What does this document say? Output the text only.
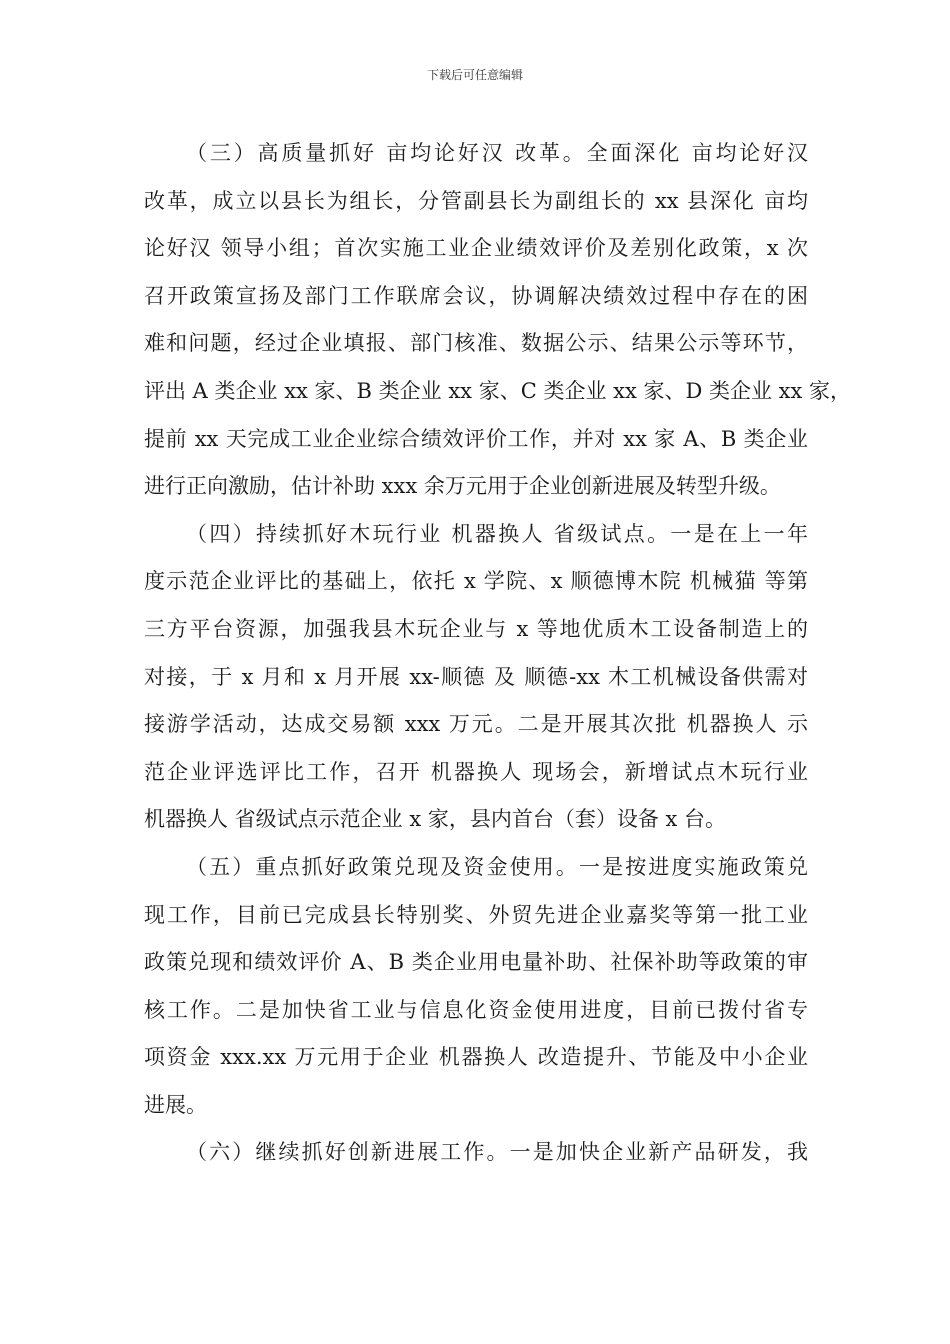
下载后可任意编辑
（三）高质量抓好 亩均论好汉 改革。全面深化 亩均论好汉
改革，成立以县长为组长，分管副县长为副组长的 xx 县深化 亩均
论好汉 领导小组；首次实施工业企业绩效评价及差别化政策，x 次
召开政策宣扬及部门工作联席会议，协调解决绩效过程中存在的困
难和问题，经过企业填报、部门核准、数据公示、结果公示等环节，
评出 A 类企业 xx 家、B 类企业 xx 家、C 类企业 xx 家、D 类企业 xx 家，
提前 xx 天完成工业企业综合绩效评价工作，并对 xx 家 A、B 类企业
进行正向激励，估计补助 xxx 余万元用于企业创新进展及转型升级。
（四）持续抓好木玩行业 机器换人 省级试点。一是在上一年
度示范企业评比的基础上，依托 x 学院、x 顺德博木院 机械猫 等第
三方平台资源，加强我县木玩企业与 x 等地优质木工设备制造上的
对接，于 x 月和 x 月开展 xx-顺德 及 顺德-xx 木工机械设备供需对
接游学活动，达成交易额 xxx 万元。二是开展其次批 机器换人 示
范企业评选评比工作，召开 机器换人 现场会，新增试点木玩行业
机器换人 省级试点示范企业 x 家，县内首台（套）设备 x 台。
（五）重点抓好政策兑现及资金使用。一是按进度实施政策兑
现工作，目前已完成县长特别奖、外贸先进企业嘉奖等第一批工业
政策兑现和绩效评价 A、B 类企业用电量补助、社保补助等政策的审
核工作。二是加快省工业与信息化资金使用进度，目前已拨付省专
项资金 xxx.xx 万元用于企业 机器换人 改造提升、节能及中小企业
进展。
（六）继续抓好创新进展工作。一是加快企业新产品研发，我
